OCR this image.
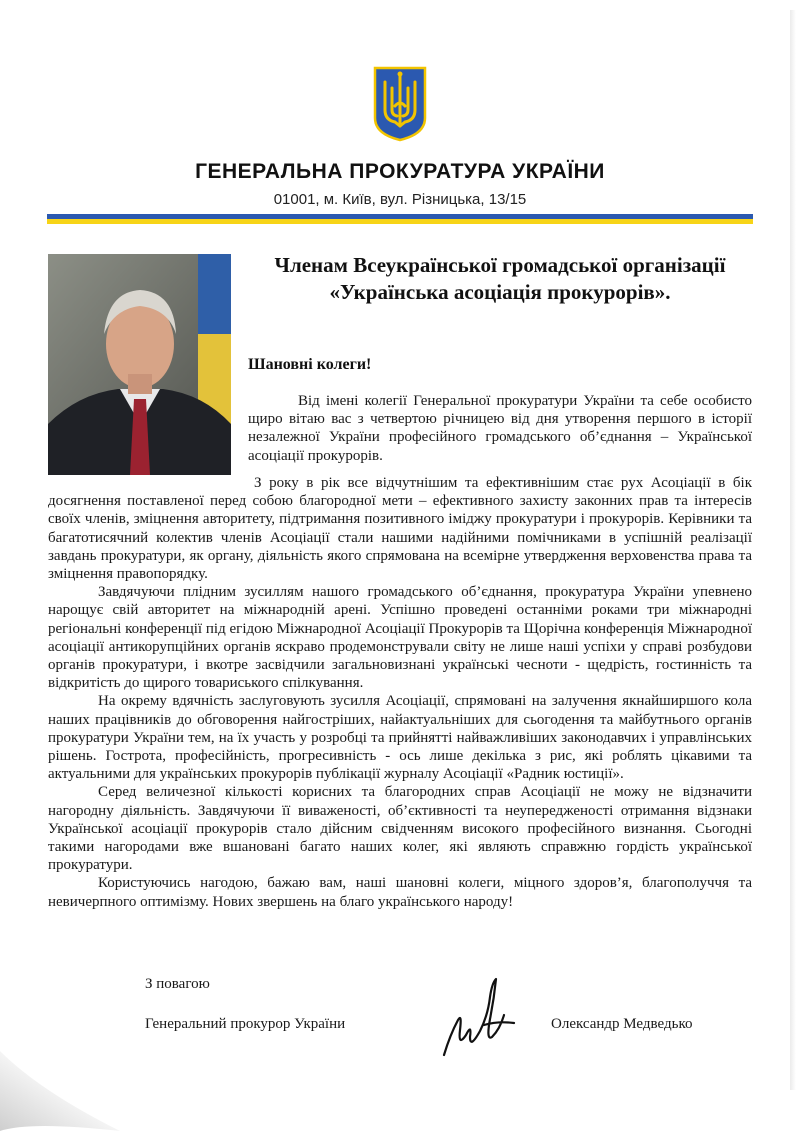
ГЕНЕРАЛЬНА ПРОКУРАТУРА УКРАЇНИ
01001, м. Київ, вул. Різницька, 13/15
Членам Всеукраїнської громадської організації «Українська асоціація прокурорів».
Шановні колеги!

Від імені колегії Генеральної прокуратури України та себе особисто щиро вітаю вас з четвертою річницею від дня утворення першого в історії незалежної України професійного громадського об’єднання – Української асоціації прокурорів.

З року в рік все відчутнішим та ефективнішим стає рух Асоціації в бік досягнення поставленої перед собою благородної мети – ефективного захисту законних прав та інтересів своїх членів, зміцнення авторитету, підтримання позитивного іміджу прокуратури і прокурорів. Керівники та багатотисячний колектив членів Асоціації стали нашими надійними помічниками в успішній реалізації завдань прокуратури, як органу, діяльність якого спрямована на всемірне утвердження верховенства права та зміцнення правопорядку.

Завдячуючи плідним зусиллям нашого громадського об’єднання, прокуратура України упевнено нарощує свій авторитет на міжнародній арені. Успішно проведені останніми роками три міжнародні регіональні конференції під егідою Міжнародної Асоціації Прокурорів та Щорічна конференція Міжнародної асоціації антикорупційних органів яскраво продемонстрували світу не лише наші успіхи у справі розбудови органів прокуратури, і вкотре засвідчили загальновизнані українські чесноти - щедрість, гостинність та відкритість до щирого товариського спілкування.

На окрему вдячність заслуговують зусилля Асоціації, спрямовані на залучення якнайширшого кола наших працівників до обговорення найгостріших, найактуальніших для сьогодення та майбутнього органів прокуратури України тем, на їх участь у розробці та прийнятті найважливіших законодавчих і управлінських рішень. Гострота, професійність, прогресивність - ось лише декілька з рис, які роблять цікавими та актуальними для українських прокурорів публікації журналу Асоціації «Радник юстиції».

Серед величезної кількості корисних та благородних справ Асоціації не можу не відзначити нагородну діяльність. Завдячуючи її виваженості, об’єктивності та неупередженості отримання відзнаки Української асоціації прокурорів стало дійсним свідченням високого професійного визнання. Сьогодні такими нагородами вже вшановані багато наших колег, які являють справжню гордість української прокуратури.

Користуючись нагодою, бажаю вам, наші шановні колеги, міцного здоров’я, благополуччя та невичерпного оптимізму. Нових звершень на благо українського народу!

З повагою
Генеральний прокурор України	Олександр Медведько
